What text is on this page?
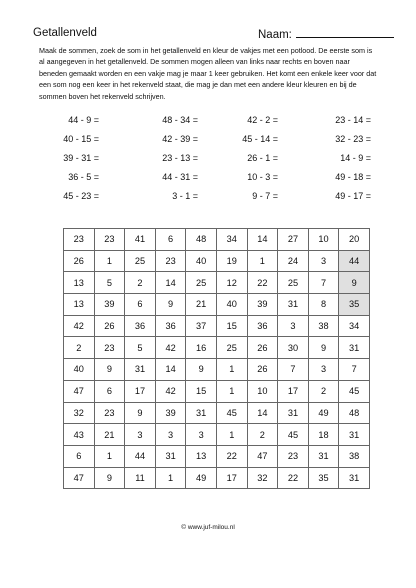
Getallenveld	Naam:
Maak de sommen, zoek de som in het getallenveld en kleur de vakjes met een potlood. De eerste som is al aangegeven in het getallenveld. De sommen mogen alleen van links naar rechts en boven naar beneden gemaakt worden en een vakje mag je maar 1 keer gebruiken. Het komt een enkele keer voor dat een som nog een keer in het rekenveld staat, die mag je dan met een andere kleur kleuren en bij de sommen boven het rekenveld schrijven.
44 - 9 =	48 - 34 =	42 - 2 =	23 - 14 =
40 - 15 =	42 - 39 =	45 - 14 =	32 - 23 =
39 - 31 =	23 - 13 =	26 - 1 =	14 - 9 =
36 - 5 =	44 - 31 =	10 - 3 =	49 - 18 =
45 - 23 =	3 - 1 =	9 - 7 =	49 - 17 =
23	23	41	6	48	34	14	27	10	20
26	1	25	23	40	19	1	24	3	44
13	5	2	14	25	12	22	25	7	9
13	39	6	9	21	40	39	31	8	35
42	26	36	36	37	15	36	3	38	34
2	23	5	42	16	25	26	30	9	31
40	9	31	14	9	1	26	7	3	7
47	6	17	42	15	1	10	17	2	45
32	23	9	39	31	45	14	31	49	48
43	21	3	3	3	1	2	45	18	31
6	1	44	31	13	22	47	23	31	38
47	9	11	1	49	17	32	22	35	31
© www.juf-milou.nl
